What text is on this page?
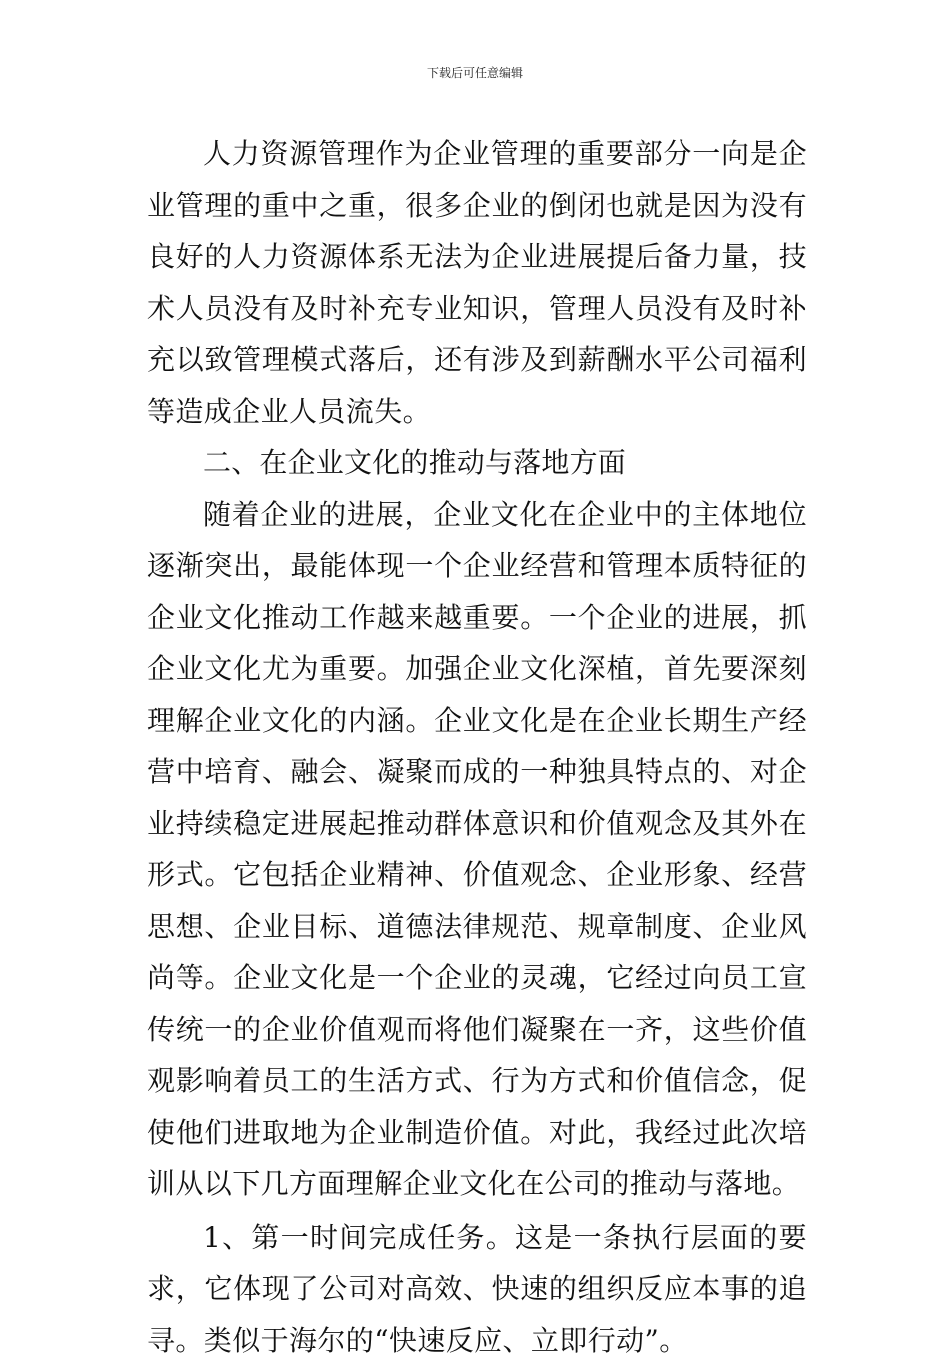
下载后可任意编辑

人力资源管理作为企业管理的重要部分一向是企业管理的重中之重，很多企业的倒闭也就是因为没有良好的人力资源体系无法为企业进展提后备力量，技术人员没有及时补充专业知识，管理人员没有及时补充以致管理模式落后，还有涉及到薪酬水平公司福利等造成企业人员流失。

二、在企业文化的推动与落地方面

随着企业的进展，企业文化在企业中的主体地位逐渐突出，最能体现一个企业经营和管理本质特征的企业文化推动工作越来越重要。一个企业的进展，抓企业文化尤为重要。加强企业文化深植，首先要深刻理解企业文化的内涵。企业文化是在企业长期生产经营中培育、融会、凝聚而成的一种独具特点的、对企业持续稳定进展起推动群体意识和价值观念及其外在形式。它包括企业精神、价值观念、企业形象、经营思想、企业目标、道德法律规范、规章制度、企业风尚等。企业文化是一个企业的灵魂，它经过向员工宣传统一的企业价值观而将他们凝聚在一齐，这些价值观影响着员工的生活方式、行为方式和价值信念，促使他们进取地为企业制造价值。对此，我经过此次培训从以下几方面理解企业文化在公司的推动与落地。

1、第一时间完成任务。这是一条执行层面的要求，它体现了公司对高效、快速的组织反应本事的追寻。类似于海尔的“快速反应、立即行动”。
